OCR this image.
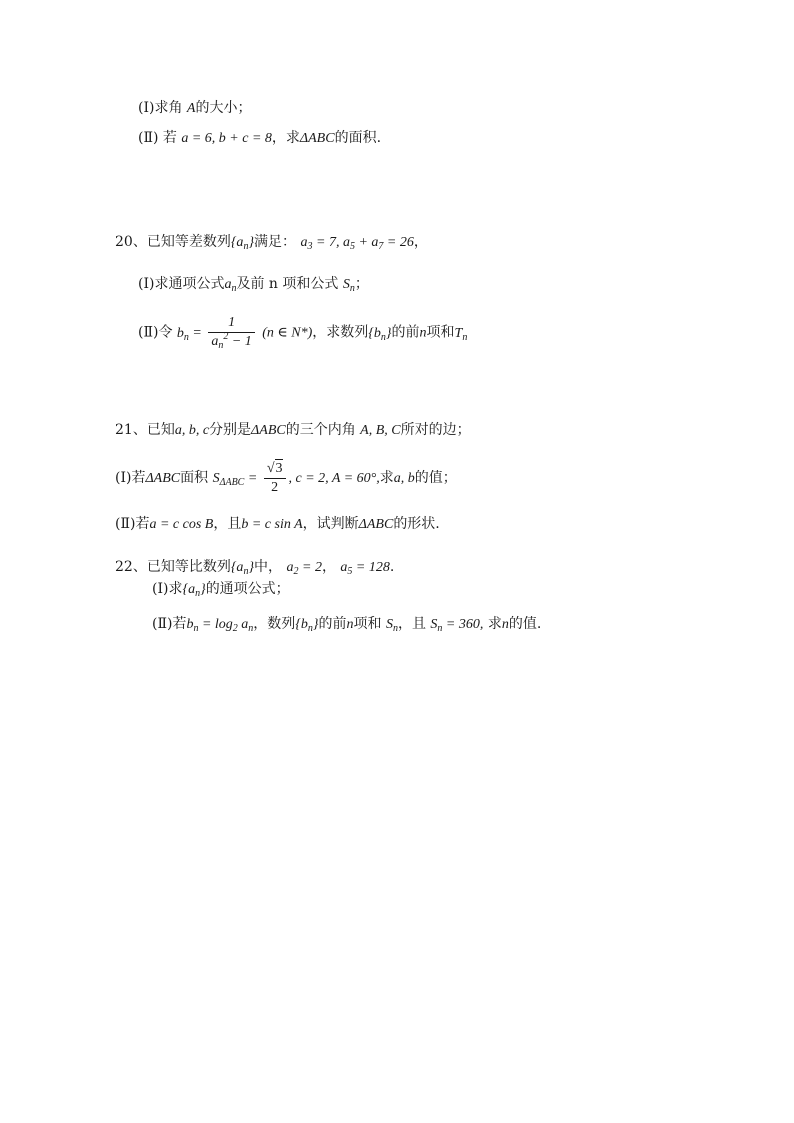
(Ⅰ)求角 A的大小；
(Ⅱ) 若 a = 6, b + c = 8，求ΔABC的面积.
20、已知等差数列$\{a_n\}$满足： $a_3 = 7$, $a_5 + a_7 = 26$，
(Ⅰ)求通项公式$a_n$及前 n 项和公式 $S_n$；
(Ⅱ)令 $b_n = \frac{1}{a_n^2 - 1} (n$ ∈ N*)，求数列$\{b_n\}$的前n项和$T_n$
21、已知a, b, c分别是ΔABC的三个内角 A, B, C所对的边；
(Ⅰ)若ΔABC面积 $S_{\Delta ABC} = \frac{√3}{2}$ , c = 2, A = 60°,求a, b的值；
(Ⅱ)若a = c cos B，且b = c sin A，试判断ΔABC的形状.
22、已知等比数列$\{a_n\}$中， $a_2 = 2$， $a_5 = 128$.
(Ⅰ)求$\{a_n\}$的通项公式；
(Ⅱ)若$b_n = \log_2 a_n$，数列$\{b_n\}$的前n项和 $S_n$，且 $S_n = 360$, 求n的值.
